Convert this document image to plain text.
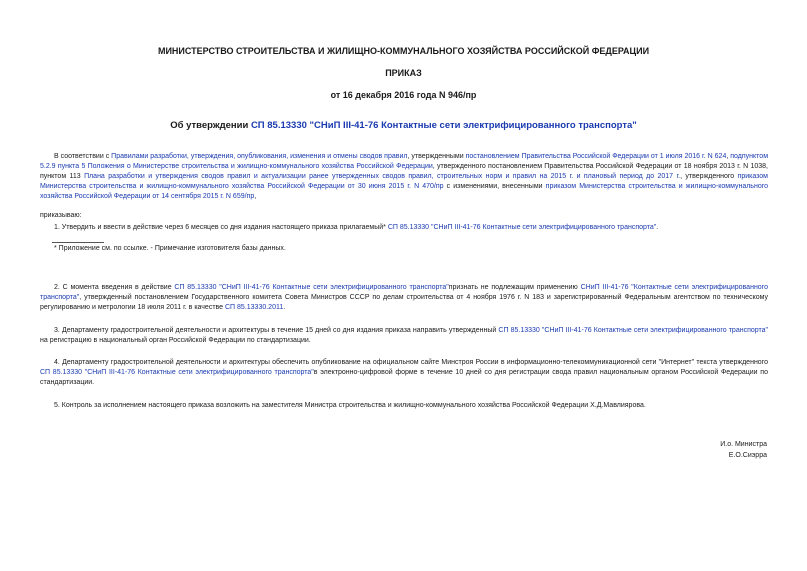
МИНИСТЕРСТВО СТРОИТЕЛЬСТВА И ЖИЛИЩНО-КОММУНАЛЬНОГО ХОЗЯЙСТВА РОССИЙСКОЙ ФЕДЕРАЦИИ
ПРИКАЗ
от 16 декабря 2016 года N 946/пр
Об утверждении СП 85.13330 "СНиП III-41-76 Контактные сети электрифицированного транспорта"
В соответствии с Правилами разработки, утверждения, опубликования, изменения и отмены сводов правил, утвержденными постановлением Правительства Российской Федерации от 1 июля 2016 г. N 624, подпунктом 5.2.9 пункта 5 Положения о Министерстве строительства и жилищно-коммунального хозяйства Российской Федерации, утвержденного постановлением Правительства Российской Федерации от 18 ноября 2013 г. N 1038, пунктом 113 Плана разработки и утверждения сводов правил и актуализации ранее утвержденных сводов правил, строительных норм и правил на 2015 г. и плановый период до 2017 г., утвержденного приказом Министерства строительства и жилищно-коммунального хозяйства Российской Федерации от 30 июня 2015 г. N 470/пр с изменениями, внесенными приказом Министерства строительства и жилищно-коммунального хозяйства Российской Федерации от 14 сентября 2015 г. N 659/пр,
приказываю:
1. Утвердить и ввести в действие через 6 месяцев со дня издания настоящего приказа прилагаемый* СП 85.13330 "СНиП III-41-76 Контактные сети электрифицированного транспорта".
* Приложение см. по ссылке. - Примечание изготовителя базы данных.
2. С момента введения в действие СП 85.13330 "СНиП III-41-76 Контактные сети электрифицированного транспорта"признать не подлежащим применению СНиП III-41-76 "Контактные сети электрифицированного транспорта", утвержденный постановлением Государственного комитета Совета Министров СССР по делам строительства от 4 ноября 1976 г. N 183 и зарегистрированный Федеральным агентством по техническому регулированию и метрологии 18 июля 2011 г. в качестве СП 85.13330.2011.
3. Департаменту градостроительной деятельности и архитектуры в течение 15 дней со дня издания приказа направить утвержденный СП 85.13330 "СНиП III-41-76 Контактные сети электрифицированного транспорта" на регистрацию в национальный орган Российской Федерации по стандартизации.
4. Департаменту градостроительной деятельности и архитектуры обеспечить опубликование на официальном сайте Минстроя России в информационно-телекоммуникационной сети "Интернет" текста утвержденного СП 85.13330 "СНиП III-41-76 Контактные сети электрифицированного транспорта"в электронно-цифровой форме в течение 10 дней со дня регистрации свода правил национальным органом Российской Федерации по стандартизации.
5. Контроль за исполнением настоящего приказа возложить на заместителя Министра строительства и жилищно-коммунального хозяйства Российской Федерации Х.Д.Мавлиярова.
И.о. Министра
Е.О.Сиэрра
